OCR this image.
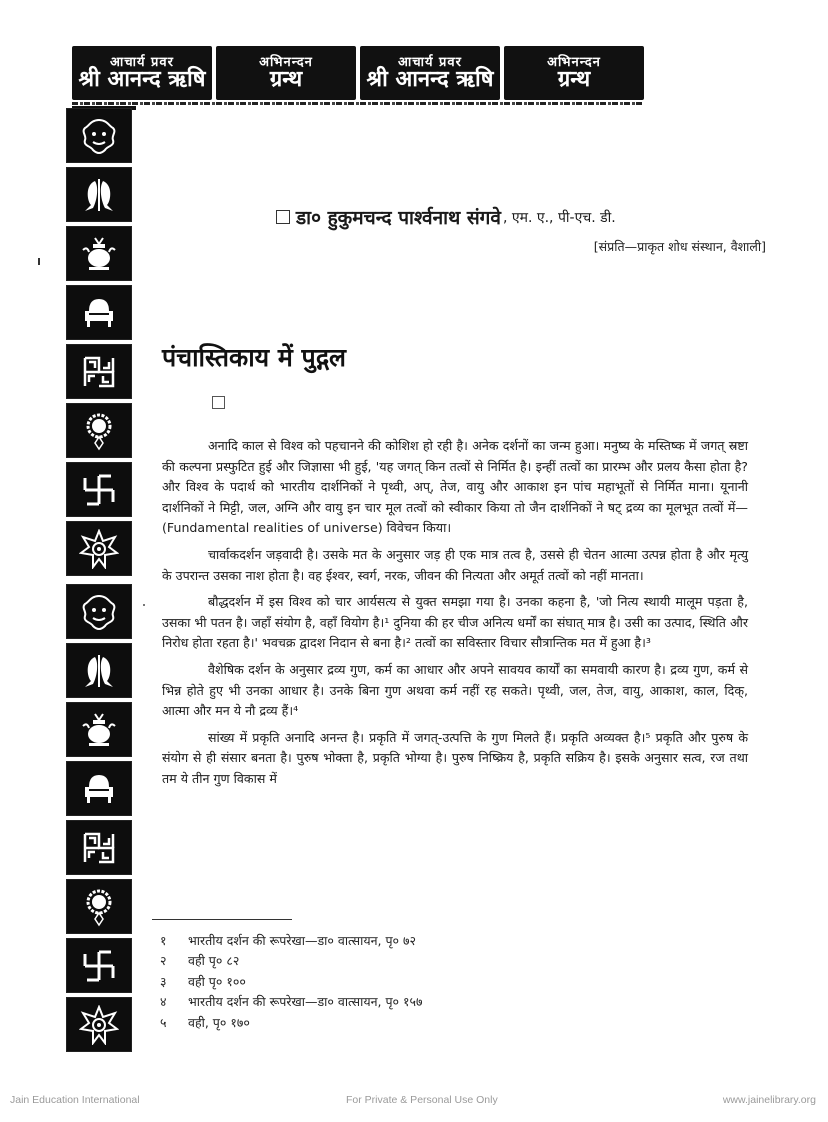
आचार्य प्रवर
श्री आनन्द ऋषि
अभिनन्दन
ग्रन्थ
आचार्य प्रवर
श्री आनन्द ऋषि
अभिनन्दन
ग्रन्थ
डा० हुकुमचन्द पार्श्वनाथ संगवे , एम. ए., पी-एच. डी.
[संप्रति—प्राकृत शोध संस्थान, वैशाली]
पंचास्तिकाय में पुद्गल

अनादि काल से विश्व को पहचानने की कोशिश हो रही है। अनेक दर्शनों का जन्म हुआ। मनुष्य के मस्तिष्क में जगत् स्रष्टा की कल्पना प्रस्फुटित हुई और जिज्ञासा भी हुई, 'यह जगत् किन तत्वों से निर्मित है। इन्हीं तत्वों का प्रारम्भ और प्रलय कैसा होता है? और विश्व के पदार्थ को भारतीय दार्शनिकों ने पृथ्वी, अप्, तेज, वायु और आकाश इन पांच महाभूतों से निर्मित माना। यूनानी दार्शनिकों ने मिट्टी, जल, अग्नि और वायु इन चार मूल तत्वों को स्वीकार किया तो जैन दार्शनिकों ने षट् द्रव्य का मूलभूत तत्वों में—(Fundamental realities of universe) विवेचन किया।

चार्वाकदर्शन जड़वादी है। उसके मत के अनुसार जड़ ही एक मात्र तत्व है, उससे ही चेतन आत्मा उत्पन्न होता है और मृत्यु के उपरान्त उसका नाश होता है। वह ईश्वर, स्वर्ग, नरक, जीवन की नित्यता और अमूर्त तत्वों को नहीं मानता।

बौद्धदर्शन में इस विश्व को चार आर्यसत्य से युक्त समझा गया है। उनका कहना है, 'जो नित्य स्थायी मालूम पड़ता है, उसका भी पतन है। जहाँ संयोग है, वहाँ वियोग है।¹ दुनिया की हर चीज अनित्य धर्मों का संघात् मात्र है। उसी का उत्पाद, स्थिति और निरोध होता रहता है।' भवचक्र द्वादश निदान से बना है।² तत्वों का सविस्तार विचार सौत्रान्तिक मत में हुआ है।³

वैशेषिक दर्शन के अनुसार द्रव्य गुण, कर्म का आधार और अपने सावयव कार्यों का समवायी कारण है। द्रव्य गुण, कर्म से भिन्न होते हुए भी उनका आधार है। उनके बिना गुण अथवा कर्म नहीं रह सकते। पृथ्वी, जल, तेज, वायु, आकाश, काल, दिक्, आत्मा और मन ये नौ द्रव्य हैं।⁴

सांख्य में प्रकृति अनादि अनन्त है। प्रकृति में जगत्-उत्पत्ति के गुण मिलते हैं। प्रकृति अव्यक्त है।⁵ प्रकृति और पुरुष के संयोग से ही संसार बनता है। पुरुष भोक्ता है, प्रकृति भोग्या है। पुरुष निष्क्रिय है, प्रकृति सक्रिय है। इसके अनुसार सत्व, रज तथा तम ये तीन गुण विकास में

१	भारतीय दर्शन की रूपरेखा—डा० वात्सायन, पृ० ७२
२	वही पृ० ८२
३	वही पृ० १००
४	भारतीय दर्शन की रूपरेखा—डा० वात्सायन, पृ० १५७
५	वही, पृ० १७०
Jain Education International	For Private & Personal Use Only	www.jainelibrary.org
